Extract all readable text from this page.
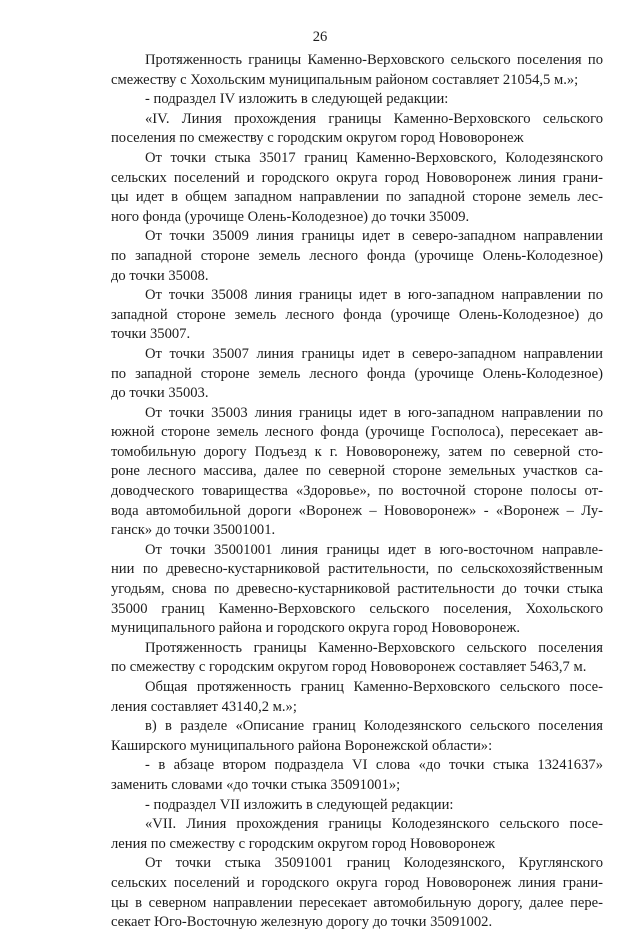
26
Протяженность границы Каменно-Верховского сельского поселения по
смежеству с Хохольским муниципальным районом составляет 21054,5 м.»;
- подраздел IV изложить в следующей редакции:
«IV. Линия прохождения границы Каменно-Верховского сельского
поселения по смежеству с городским округом город Нововоронеж
От точки стыка 35017 границ Каменно-Верховского, Колодезянского
сельских поселений и городского округа город Нововоронеж линия грани-
цы идет в общем западном направлении по западной стороне земель лес-
ного фонда (урочище Олень-Колодезное) до точки 35009.
От точки 35009 линия границы идет в северо-западном направлении
по западной стороне земель лесного фонда (урочище Олень-Колодезное)
до точки 35008.
От точки 35008 линия границы идет в юго-западном направлении по
западной стороне земель лесного фонда (урочище Олень-Колодезное) до
точки 35007.
От точки 35007 линия границы идет в северо-западном направлении
по западной стороне земель лесного фонда (урочище Олень-Колодезное)
до точки 35003.
От точки 35003 линия границы идет в юго-западном направлении по
южной стороне земель лесного фонда (урочище Госполоса), пересекает ав-
томобильную дорогу Подъезд к г. Нововоронежу, затем по северной сто-
роне лесного массива, далее по северной стороне земельных участков са-
доводческого товарищества «Здоровье», по восточной стороне полосы от-
вода автомобильной дороги «Воронеж – Нововоронеж» - «Воронеж – Лу-
ганск» до точки 35001001.
От точки 35001001 линия границы идет в юго-восточном направле-
нии по древесно-кустарниковой растительности, по сельскохозяйственным
угодьям, снова по древесно-кустарниковой растительности до точки стыка
35000 границ Каменно-Верховского сельского поселения, Хохольского
муниципального района и городского округа город Нововоронеж.
Протяженность границы Каменно-Верховского сельского поселения
по смежеству с городским округом город Нововоронеж составляет 5463,7 м.
Общая протяженность границ Каменно-Верховского сельского посе-
ления составляет 43140,2 м.»;
в) в разделе «Описание границ Колодезянского сельского поселения
Каширского муниципального района Воронежской области»:
- в абзаце втором подраздела VI слова «до точки стыка 13241637»
заменить словами «до точки стыка 35091001»;
- подраздел VII изложить в следующей редакции:
«VII. Линия прохождения границы Колодезянского сельского посе-
ления по смежеству с городским округом город Нововоронеж
От точки стыка 35091001 границ Колодезянского, Круглянского
сельских поселений и городского округа город Нововоронеж линия грани-
цы в северном направлении пересекает автомобильную дорогу, далее пере-
секает Юго-Восточную железную дорогу до точки 35091002.
